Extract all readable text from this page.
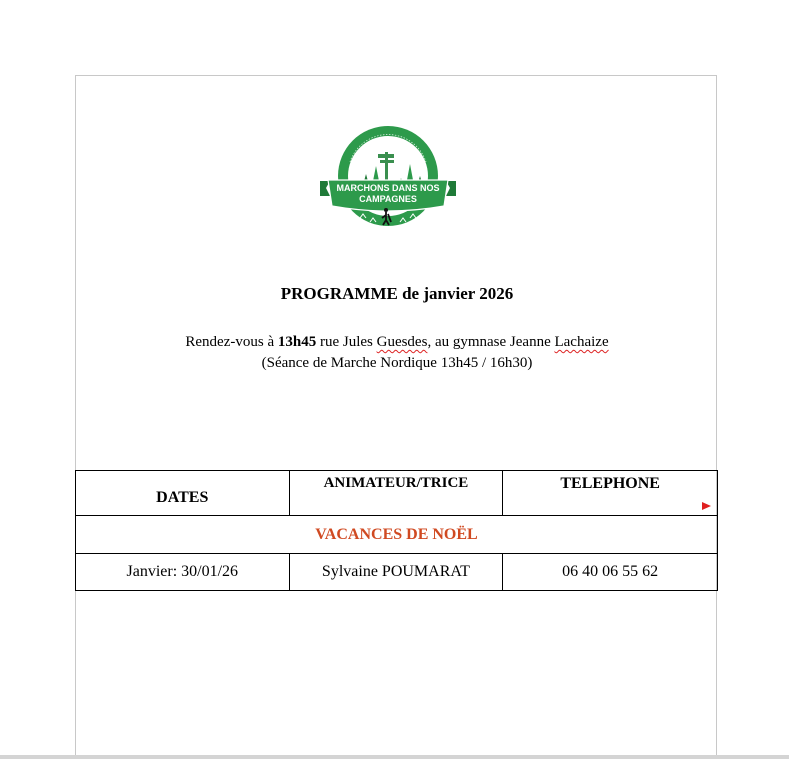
MARCHONS DANS NOS
CAMPAGNES
PROGRAMME de janvier 2026
Rendez-vous à 13h45 rue Jules Guesdes, au gymnase Jeanne Lachaize
(Séance de Marche Nordique 13h45 / 16h30)
DATES	ANIMATEUR/TRICE	TELEPHONE

VACANCES DE NOËL		
Janvier: 30/01/26	Sylvaine POUMARAT	06 40 06 55 62
